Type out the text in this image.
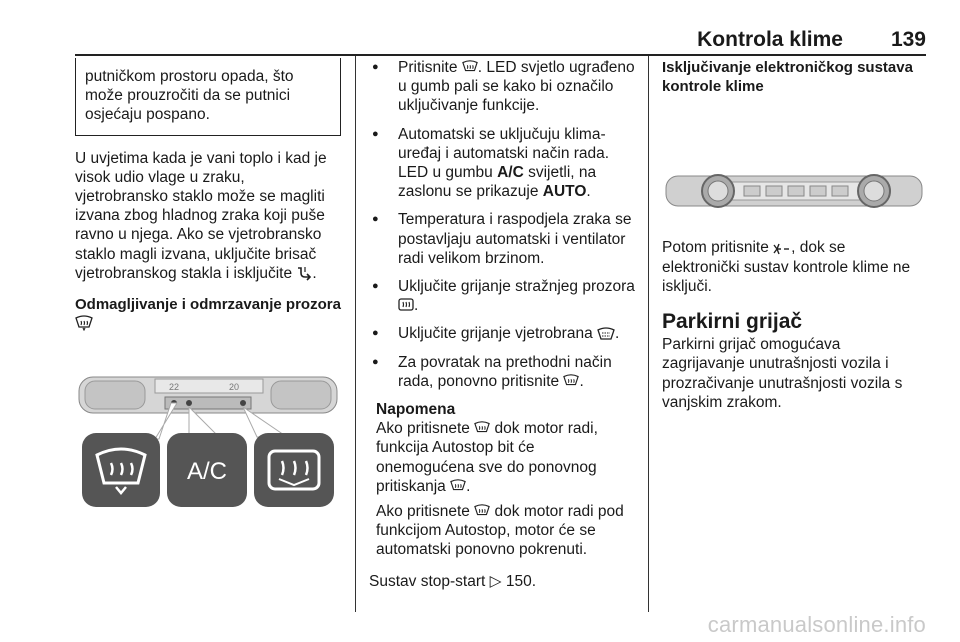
Kontrola klime 139
putničkom prostoru opada, što može prouzročiti da se putnici osjećaju pospano.

U uvjetima kada je vani toplo i kad je visok udio vlage u zraku, vjetrobransko staklo može se magliti izvana zbog hladnog zraka koji puše ravno u njega. Ako se vjetrobransko staklo magli izvana, uključite brisač vjetrobranskog stakla i isključite .

Odmagljivanje i odmrzavanje prozora

22	20
A/C
● Pritisnite . LED svjetlo ugrađeno u gumb pali se kako bi označilo uključivanje funkcije.
● Automatski se uključuju klima-uređaj i automatski način rada. LED u gumbu A/C svijetli, na zaslonu se prikazuje AUTO.
● Temperatura i raspodjela zraka se postavljaju automatski i ventilator radi velikom brzinom.
● Uključite grijanje stražnjeg prozora .
● Uključite grijanje vjetrobrana .
● Za povratak na prethodni način rada, ponovno pritisnite .
Napomena

Ako pritisnete dok motor radi, funkcija Autostop bit će onemogućena sve do ponovnog pritiskanja .

Ako pritisnete dok motor radi pod funkcijom Autostop, motor će se automatski ponovno pokrenuti.

Sustav stop-start ▷ 150.

Isključivanje elektroničkog sustava kontrole klime

Potom pritisnite , dok se elektronički sustav kontrole klime ne isključi.

Parkirni grijač

Parkirni grijač omogućava zagrijavanje unutrašnjosti vozila i prozračivanje unutrašnjosti vozila s vanjskim zrakom.

carmanualsonline.info
